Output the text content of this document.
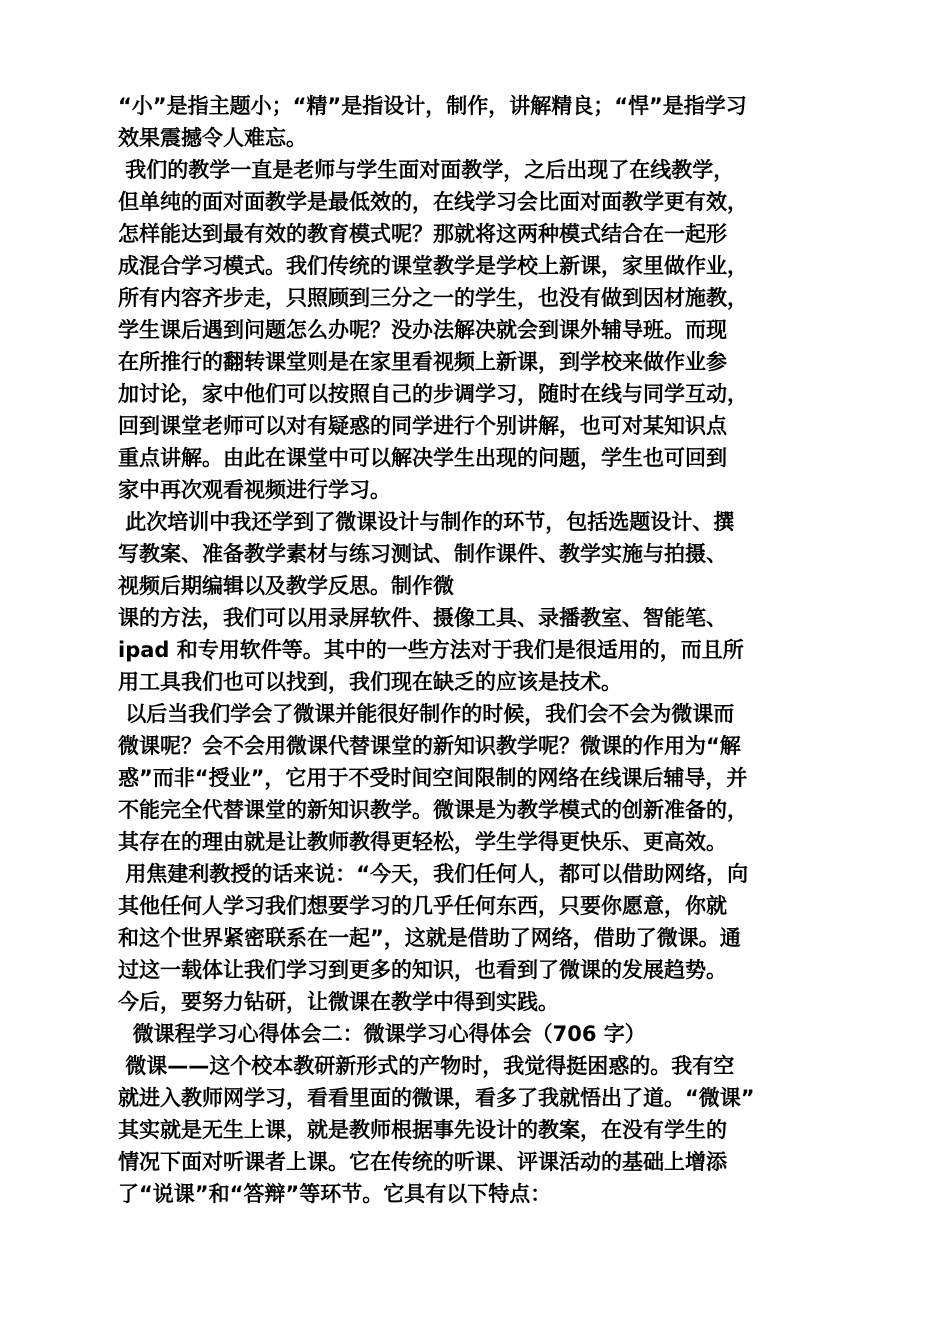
“小”是指主题小；“精”是指设计，制作，讲解精良；“悍”是指学习
效果震撼令人难忘。
我们的教学一直是老师与学生面对面教学，之后出现了在线教学，
但单纯的面对面教学是最低效的，在线学习会比面对面教学更有效，
怎样能达到最有效的教育模式呢？那就将这两种模式结合在一起形
成混合学习模式。我们传统的课堂教学是学校上新课，家里做作业，
所有内容齐步走，只照顾到三分之一的学生，也没有做到因材施教，
学生课后遇到问题怎么办呢？没办法解决就会到课外辅导班。而现
在所推行的翻转课堂则是在家里看视频上新课，到学校来做作业参
加讨论，家中他们可以按照自己的步调学习，随时在线与同学互动，
回到课堂老师可以对有疑惑的同学进行个别讲解，也可对某知识点
重点讲解。由此在课堂中可以解决学生出现的问题，学生也可回到
家中再次观看视频进行学习。
此次培训中我还学到了微课设计与制作的环节，包括选题设计、撰
写教案、准备教学素材与练习测试、制作课件、教学实施与拍摄、
视频后期编辑以及教学反思。制作微
课的方法，我们可以用录屏软件、摄像工具、录播教室、智能笔、
ipad 和专用软件等。其中的一些方法对于我们是很适用的，而且所
用工具我们也可以找到，我们现在缺乏的应该是技术。
以后当我们学会了微课并能很好制作的时候，我们会不会为微课而
微课呢？会不会用微课代替课堂的新知识教学呢？微课的作用为“解
惑”而非“授业”，它用于不受时间空间限制的网络在线课后辅导，并
不能完全代替课堂的新知识教学。微课是为教学模式的创新准备的，
其存在的理由就是让教师教得更轻松，学生学得更快乐、更高效。
用焦建利教授的话来说：“今天，我们任何人，都可以借助网络，向
其他任何人学习我们想要学习的几乎任何东西，只要你愿意，你就
和这个世界紧密联系在一起”，这就是借助了网络，借助了微课。通
过这一载体让我们学习到更多的知识，也看到了微课的发展趋势。
今后，要努力钻研，让微课在教学中得到实践。
微课程学习心得体会二：微课学习心得体会（706 字）
微课——这个校本教研新形式的产物时，我觉得挺困惑的。我有空
就进入教师网学习，看看里面的微课，看多了我就悟出了道。“微课”
其实就是无生上课，就是教师根据事先设计的教案，在没有学生的
情况下面对听课者上课。它在传统的听课、评课活动的基础上增添
了“说课”和“答辩”等环节。它具有以下特点：
